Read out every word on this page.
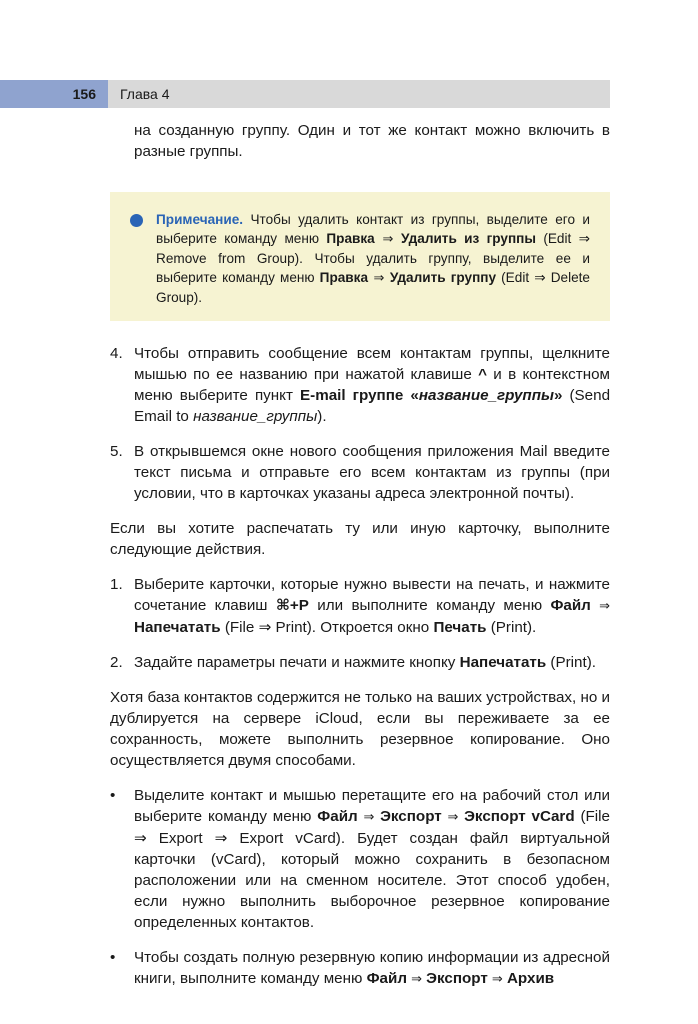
156	Глава 4

на созданную группу. Один и тот же контакт можно включить в разные группы.

Примечание. Чтобы удалить контакт из группы, выделите его и выберите команду меню Правка ⇒ Удалить из группы (Edit ⇒ Remove from Group). Чтобы удалить группу, выделите ее и выберите команду меню Правка ⇒ Удалить группу (Edit ⇒ Delete Group).

4. Чтобы отправить сообщение всем контактам группы, щелкните мышью по ее названию при нажатой клавише ^ и в контекстном меню выберите пункт E-mail группе «название_группы» (Send Email to название_группы).

5. В открывшемся окне нового сообщения приложения Mail введите текст письма и отправьте его всем контактам из группы (при условии, что в карточках указаны адреса электронной почты).

Если вы хотите распечатать ту или иную карточку, выполните следующие действия.

1. Выберите карточки, которые нужно вывести на печать, и нажмите сочетание клавиш ⌘+P или выполните команду меню Файл ⇒ Напечатать (File ⇒ Print). Откроется окно Печать (Print).

2. Задайте параметры печати и нажмите кнопку Напечатать (Print).

Хотя база контактов содержится не только на ваших устройствах, но и дублируется на сервере iCloud, если вы переживаете за ее сохранность, можете выполнить резервное копирование. Оно осуществляется двумя способами.

• Выделите контакт и мышью перетащите его на рабочий стол или выберите команду меню Файл ⇒ Экспорт ⇒ Экспорт vCard (File ⇒ Export ⇒ Export vCard). Будет создан файл виртуальной карточки (vCard), который можно сохранить в безопасном расположении или на сменном носителе. Этот способ удобен, если нужно выполнить выборочное резервное копирование определенных контактов.

• Чтобы создать полную резервную копию информации из адресной книги, выполните команду меню Файл ⇒ Экспорт ⇒ Архив
